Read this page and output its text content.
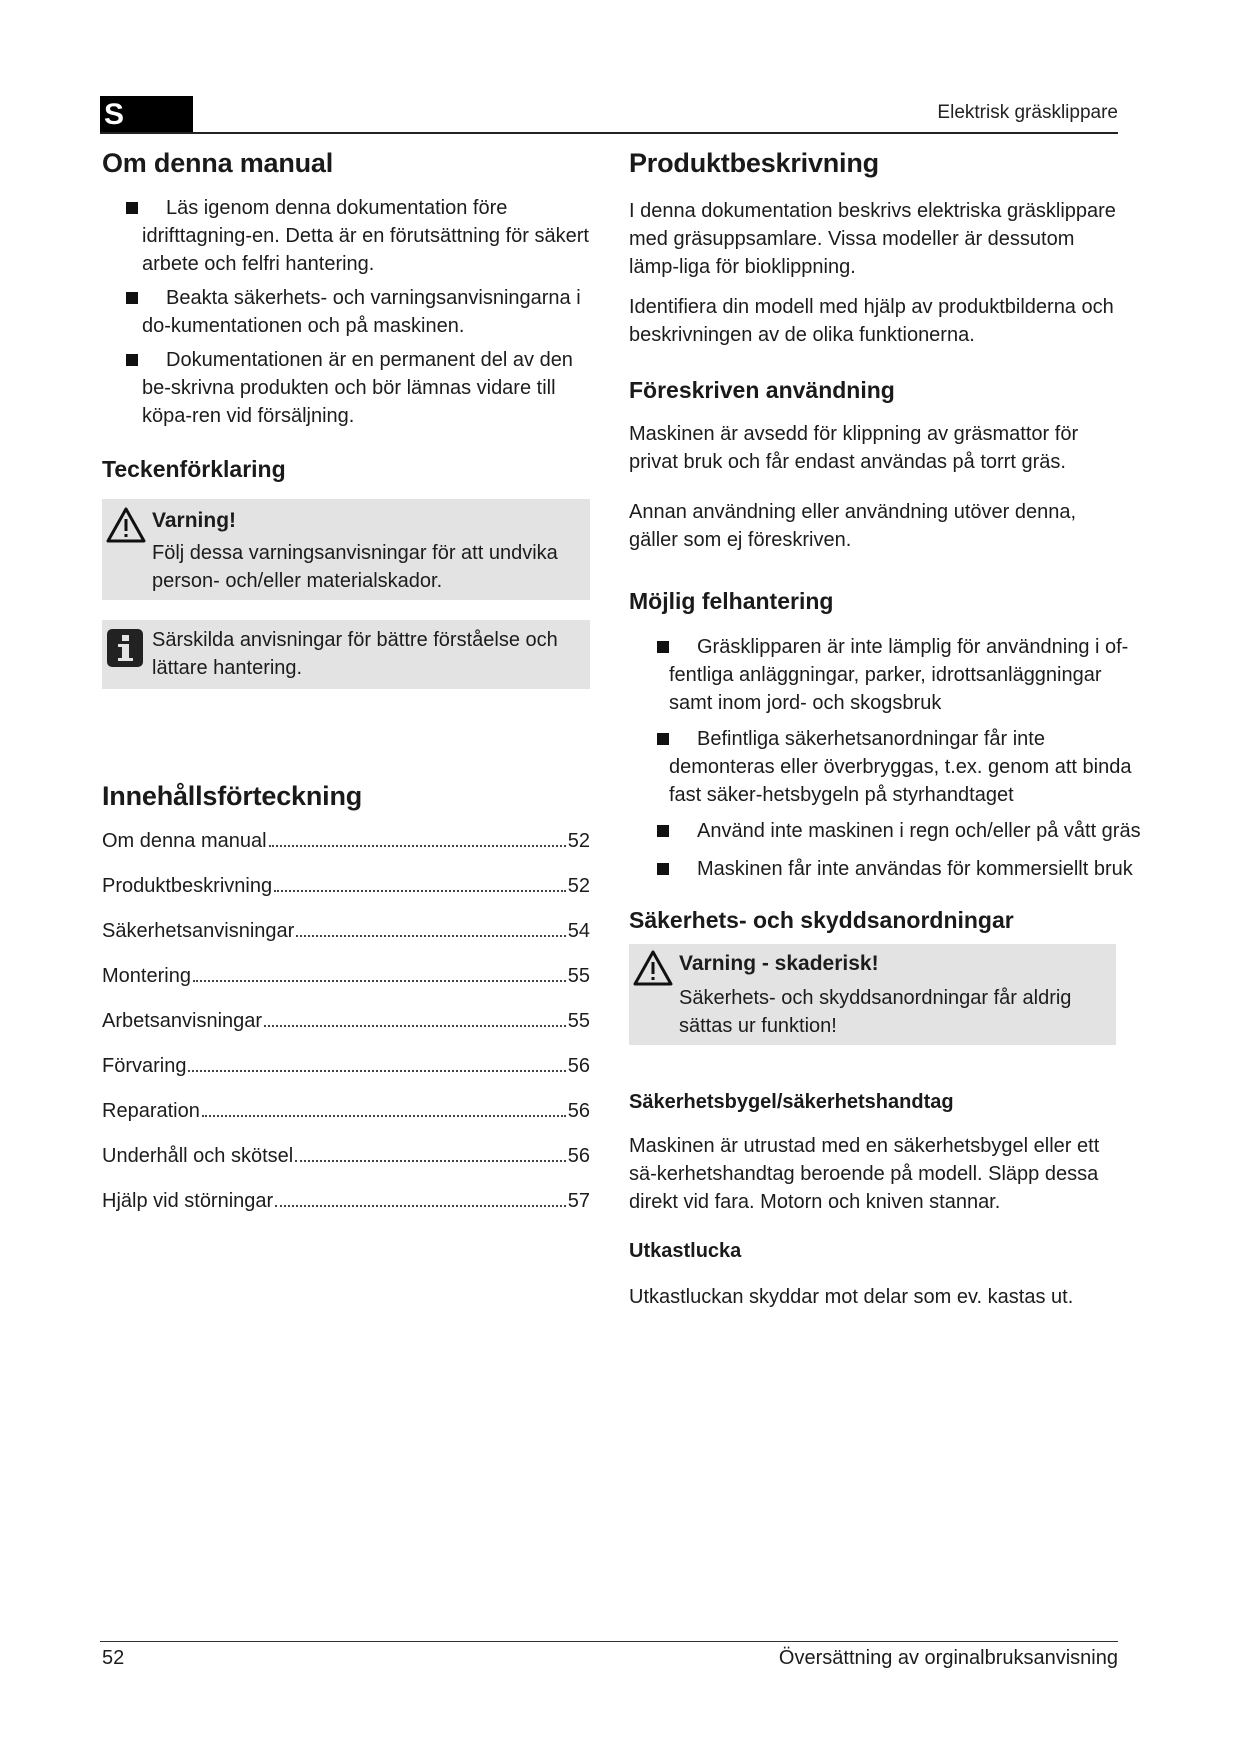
S	Elektrisk gräsklippare
Om denna manual
Läs igenom denna dokumentation före idrifttagning-en. Detta är en förutsättning för säkert arbete och felfri hantering.
Beakta säkerhets- och varningsanvisningarna i do-kumentationen och på maskinen.
Dokumentationen är en permanent del av den be-skrivna produkten och bör lämnas vidare till köpa-ren vid försäljning.
Teckenförklaring
Varning!
Följ dessa varningsanvisningar för att undvika person- och/eller materialskador.
Särskilda anvisningar för bättre förståelse och lättare hantering.
Innehållsförteckning
Om denna manual	52
Produktbeskrivning	52
Säkerhetsanvisningar	54
Montering	55
Arbetsanvisningar	55
Förvaring	56
Reparation	56
Underhåll och skötsel	56
Hjälp vid störningar	57
Produktbeskrivning

I denna dokumentation beskrivs elektriska gräsklippare med gräsuppsamlare. Vissa modeller är dessutom lämp-liga för bioklippning.

Identifiera din modell med hjälp av produktbilderna och beskrivningen av de olika funktionerna.

Föreskriven användning

Maskinen är avsedd för klippning av gräsmattor för privat bruk och får endast användas på torrt gräs.

Annan användning eller användning utöver denna, gäller som ej föreskriven.

Möjlig felhantering
Gräsklipparen är inte lämplig för användning i of-fentliga anläggningar, parker, idrottsanläggningar samt inom jord- och skogsbruk
Befintliga säkerhetsanordningar får inte demonteras eller överbryggas, t.ex. genom att binda fast säker-hetsbygeln på styrhandtaget
Använd inte maskinen i regn och/eller på vått gräs
Maskinen får inte användas för kommersiellt bruk
Säkerhets- och skyddsanordningar
Varning - skaderisk!
Säkerhets- och skyddsanordningar får aldrig sättas ur funktion!
Säkerhetsbygel/säkerhetshandtag

Maskinen är utrustad med en säkerhetsbygel eller ett sä-kerhetshandtag beroende på modell. Släpp dessa direkt vid fara. Motorn och kniven stannar.

Utkastlucka

Utkastluckan skyddar mot delar som ev. kastas ut.

52	Översättning av orginalbruksanvisning
